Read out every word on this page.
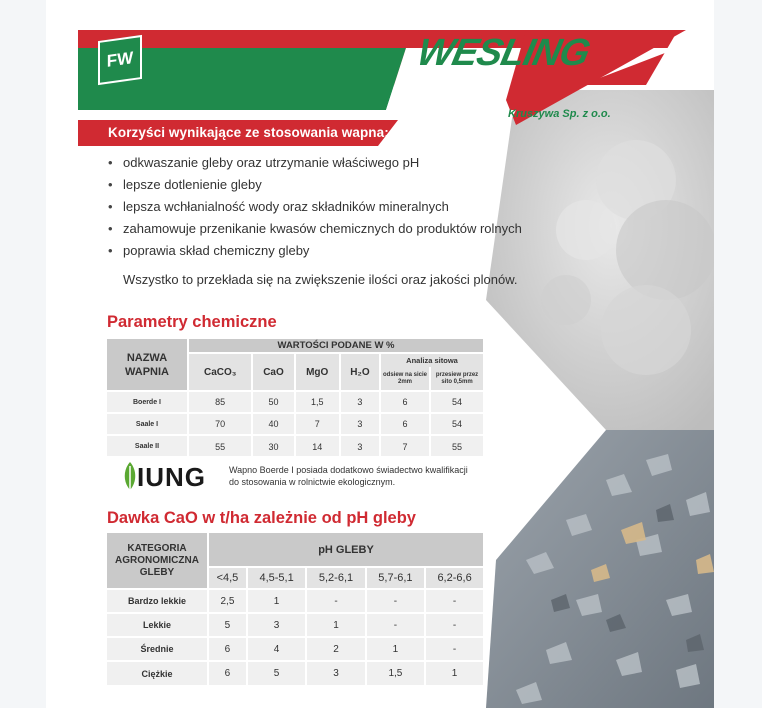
FW	WESLING
Kruszywa Sp. z o.o.
Korzyści wynikające ze stosowania wapna:
• odkwaszanie gleby oraz utrzymanie właściwego pH
• lepsze dotlenienie gleby
• lepsza wchłanialność wody oraz składników mineralnych
• zahamowuje przenikanie kwasów chemicznych do produktów rolnych
• poprawia skład chemiczny gleby
Wszystko to przekłada się na zwiększenie ilości oraz jakości plonów.
Parametry chemiczne
NAZWA WAPNIA	WARTOŚCI PODANE W %					
	CaCO₃	CaO	MgO	H₂O	Analiza sitowa	
					odsiew na sicie 2mm	przesiew przez sito 0,5mm
Boerde I	85	50	1,5	3	6	54
Saale I	70	40	7	3	6	54
Saale II	55	30	14	3	7	55
IUNG	Wapno Boerde I posiada dodatkowo świadectwo kwalifikacji do stosowania w rolnictwie ekologicznym.
Dawka CaO w t/ha zależnie od pH gleby
KATEGORIA AGRONOMICZNA GLEBY	pH GLEBY				
	<4,5	4,5-5,1	5,2-6,1	5,7-6,1	6,2-6,6
Bardzo lekkie	2,5	1	-	-	-
Lekkie	5	3	1	-	-
Średnie	6	4	2	1	-
Ciężkie	6	5	3	1,5	1
